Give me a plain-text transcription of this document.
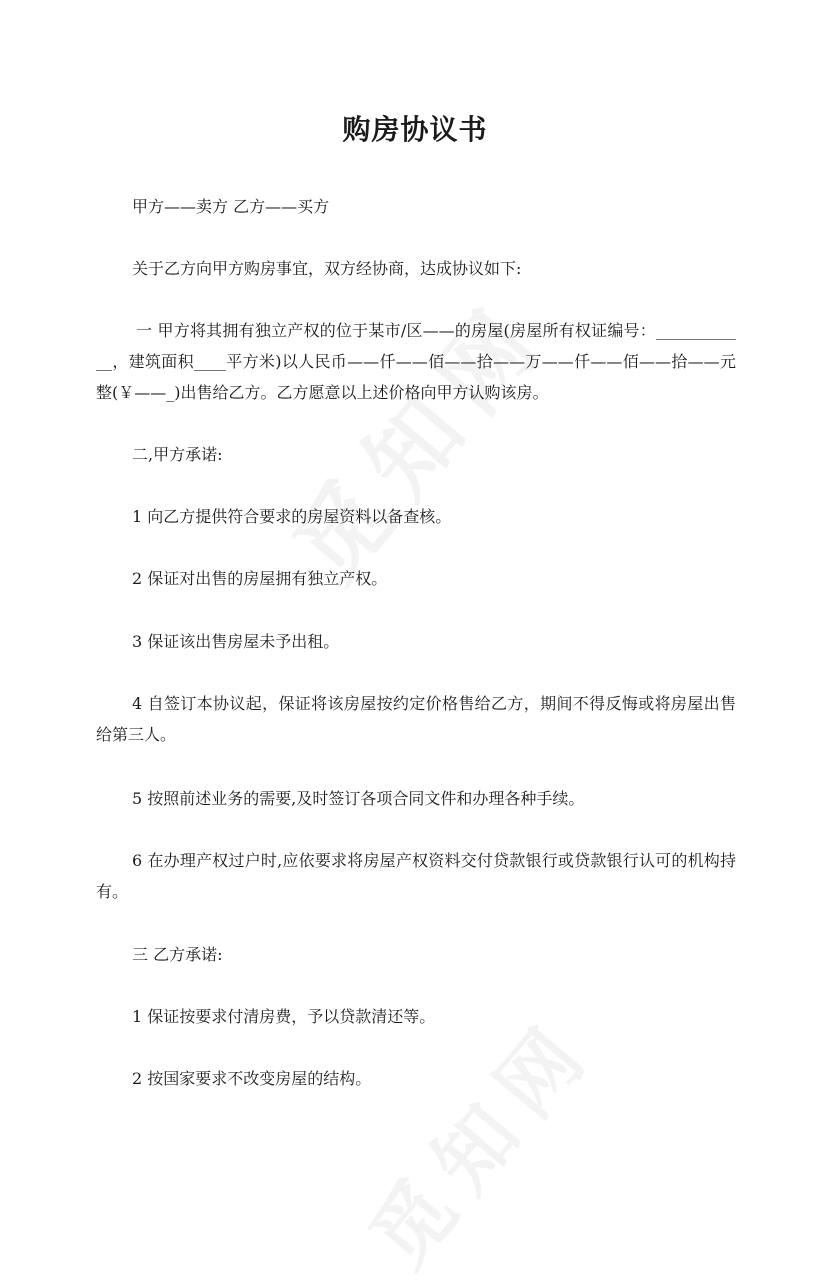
购房协议书

甲方——卖方 乙方——买方

关于乙方向甲方购房事宜，双方经协商，达成协议如下:

一 甲方将其拥有独立产权的位于某市/区——的房屋(房屋所有权证编号：____________，建筑面积____平方米)以人民币——仟——佰——拾——万——仟——佰——拾——元整(￥——_)出售给乙方。乙方愿意以上述价格向甲方认购该房。

二,甲方承诺:

1 向乙方提供符合要求的房屋资料以备查核。

2 保证对出售的房屋拥有独立产权。

3 保证该出售房屋未予出租。

4 自签订本协议起，保证将该房屋按约定价格售给乙方，期间不得反悔或将房屋出售给第三人。

5 按照前述业务的需要,及时签订各项合同文件和办理各种手续。

6 在办理产权过户时,应依要求将房屋产权资料交付贷款银行或贷款银行认可的机构持有。

三 乙方承诺:

1 保证按要求付清房费，予以贷款清还等。

2 按国家要求不改变房屋的结构。
